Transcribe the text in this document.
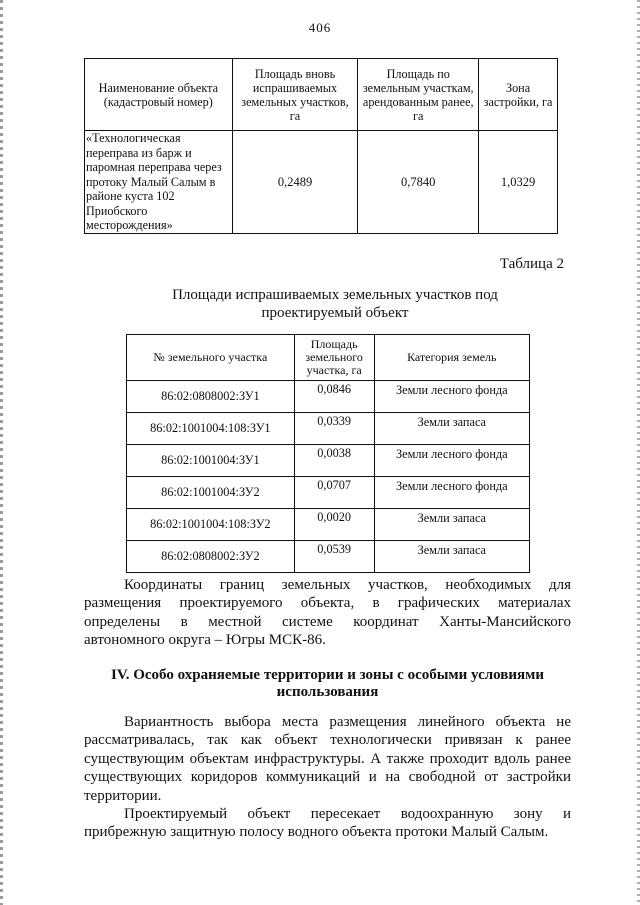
406
Наименование объекта (кадастровый номер)	Площадь вновь испрашиваемых земельных участков, га	Площадь по земельным участкам, арендованным ранее, га	Зона застройки, га
«Технологическая переправа из барж и паромная переправа через протоку Малый Салым в районе куста 102 Приобского месторождения»	0,2489	0,7840	1,0329
Таблица 2
Площади испрашиваемых земельных участков под проектируемый объект
№ земельного участка	Площадь земельного участка, га	Категория земель
86:02:0808002:ЗУ1	0,0846	Земли лесного фонда
86:02:1001004:108:ЗУ1	0,0339	Земли запаса
86:02:1001004:ЗУ1	0,0038	Земли лесного фонда
86:02:1001004:ЗУ2	0,0707	Земли лесного фонда
86:02:1001004:108:ЗУ2	0,0020	Земли запаса
86:02:0808002:ЗУ2	0,0539	Земли запаса
Координаты границ земельных участков, необходимых для размещения проектируемого объекта, в графических материалах определены в местной системе координат Ханты-Мансийского автономного округа – Югры МСК-86.
IV. Особо охраняемые территории и зоны с особыми условиями использования
Вариантность выбора места размещения линейного объекта не рассматривалась, так как объект технологически привязан к ранее существующим объектам инфраструктуры. А также проходит вдоль ранее существующих коридоров коммуникаций и на свободной от застройки территории.
Проектируемый объект пересекает водоохранную зону и прибрежную защитную полосу водного объекта протоки Малый Салым.
